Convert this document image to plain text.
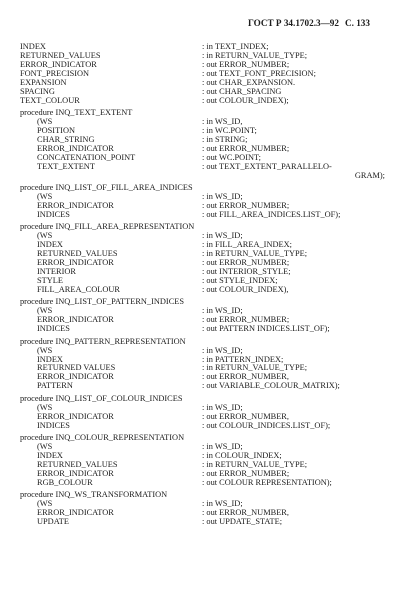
ГОСТ Р 34.1702.3—92 С. 133
INDEX	: in TEXT_INDEX;
RETURNED_VALUES	: in RETURN_VALUE_TYPE;
ERROR_INDICATOR	: out ERROR_NUMBER;
FONT_PRECISION	: out TEXT_FONT_PRECISION;
EXPANSION	: out CHAR_EXPANSION.
SPACING	: out CHAR_SPACING
TEXT_COLOUR	: out COLOUR_INDEX);
procedure INQ_TEXT_EXTENT
(WS	: in WS_ID,
POSITION	: in WC.POINT;
CHAR_STRING	: in STRING;
ERROR_INDICATOR	: out ERROR_NUMBER;
CONCATENATION_POINT	: out WC.POINT;
TEXT_EXTENT	: out TEXT_EXTENT_PARALLELO-
GRAM);
procedure INQ_LIST_OF_FILL_AREA_INDICES
(WS	: in WS_ID;
ERROR_INDICATOR	: out ERROR_NUMBER;
INDICES	: out FILL_AREA_INDICES.LIST_OF);
procedure INQ_FILL_AREA_REPRESENTATION
(WS	: in WS_ID;
INDEX	: in FILL_AREA_INDEX;
RETURNED_VALUES	: in RETURN_VALUE_TYPE;
ERROR_INDICATOR	: out ERROR_NUMBER;
INTERIOR	: out INTERIOR_STYLE;
STYLE	: out STYLE_INDEX;
FILL_AREA_COLOUR	: out COLOUR_INDEX),
procedure INQ_LIST_OF_PATTERN_INDICES
(WS	: in WS_ID;
ERROR_INDICATOR	: out ERROR_NUMBER;
INDICES	: out PATTERN INDICES.LIST_OF);
procedure INQ_PATTERN_REPRESENTATION
(WS	: in WS_ID;
INDEX	: in PATTERN_INDEX;
RETURNED VALUES	: in RETURN_VALUE_TYPE;
ERROR_INDICATOR	: out ERROR_NUMBER,
PATTERN	: out VARIABLE_COLOUR_MATRIX);
procedure INQ_LIST_OF_COLOUR_INDICES
(WS	: in WS_ID;
ERROR_INDICATOR	: out ERROR_NUMBER,
INDICES	: out COLOUR_INDICES.LIST_OF);
procedure INQ_COLOUR_REPRESENTATION
(WS	: in WS_ID;
INDEX	: in COLOUR_INDEX;
RETURNED_VALUES	: in RETURN_VALUE_TYPE;
ERROR_INDICATOR	: out ERROR_NUMBER;
RGB_COLOUR	: out COLOUR REPRESENTATION);
procedure INQ_WS_TRANSFORMATION
(WS	: in WS_ID;
ERROR_INDICATOR	: out ERROR_NUMBER,
UPDATE	: out UPDATE_STATE;
